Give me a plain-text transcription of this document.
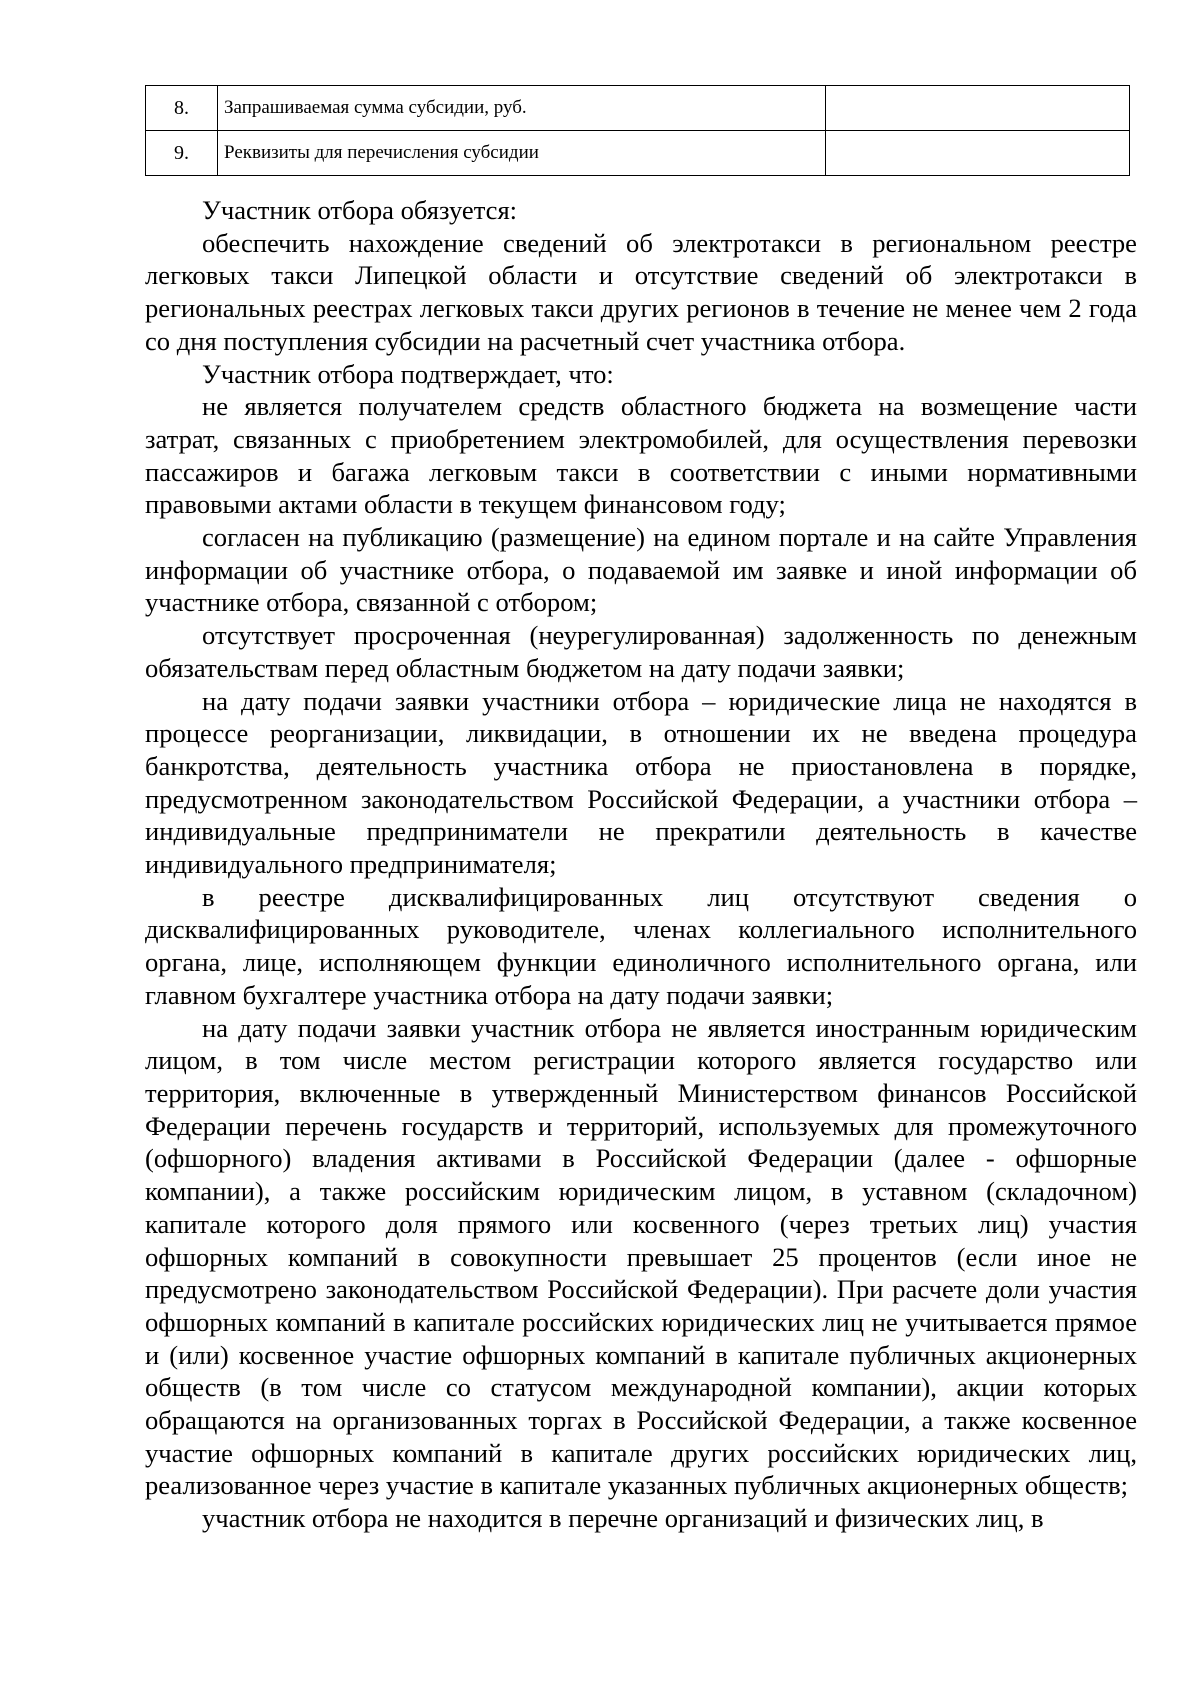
8.	Запрашиваемая сумма субсидии, руб.	
9.	Реквизиты для перечисления субсидии	

Участник отбора обязуется:

обеспечить нахождение сведений об электротакси в региональном реестре легковых такси Липецкой области и отсутствие сведений об электротакси в региональных реестрах легковых такси других регионов в течение не менее чем 2 года со дня поступления субсидии на расчетный счет участника отбора.

Участник отбора подтверждает, что:

не является получателем средств областного бюджета на возмещение части затрат, связанных с приобретением электромобилей, для осуществления перевозки пассажиров и багажа легковым такси в соответствии с иными нормативными правовыми актами области в текущем финансовом году;

согласен на публикацию (размещение) на едином портале и на сайте Управления информации об участнике отбора, о подаваемой им заявке и иной информации об участнике отбора, связанной с отбором;

отсутствует просроченная (неурегулированная) задолженность по денежным обязательствам перед областным бюджетом на дату подачи заявки;

на дату подачи заявки участники отбора – юридические лица не находятся в процессе реорганизации, ликвидации, в отношении их не введена процедура банкротства, деятельность участника отбора не приостановлена в порядке, предусмотренном законодательством Российской Федерации, а участники отбора – индивидуальные предприниматели не прекратили деятельность в качестве индивидуального предпринимателя;

в реестре дисквалифицированных лиц отсутствуют сведения о дисквалифицированных руководителе, членах коллегиального исполнительного органа, лице, исполняющем функции единоличного исполнительного органа, или главном бухгалтере участника отбора на дату подачи заявки;

на дату подачи заявки участник отбора не является иностранным юридическим лицом, в том числе местом регистрации которого является государство или территория, включенные в утвержденный Министерством финансов Российской Федерации перечень государств и территорий, используемых для промежуточного (офшорного) владения активами в Российской Федерации (далее - офшорные компании), а также российским юридическим лицом, в уставном (складочном) капитале которого доля прямого или косвенного (через третьих лиц) участия офшорных компаний в совокупности превышает 25 процентов (если иное не предусмотрено законодательством Российской Федерации). При расчете доли участия офшорных компаний в капитале российских юридических лиц не учитывается прямое и (или) косвенное участие офшорных компаний в капитале публичных акционерных обществ (в том числе со статусом международной компании), акции которых обращаются на организованных торгах в Российской Федерации, а также косвенное участие офшорных компаний в капитале других российских юридических лиц, реализованное через участие в капитале указанных публичных акционерных обществ;

участник отбора не находится в перечне организаций и физических лиц, в
